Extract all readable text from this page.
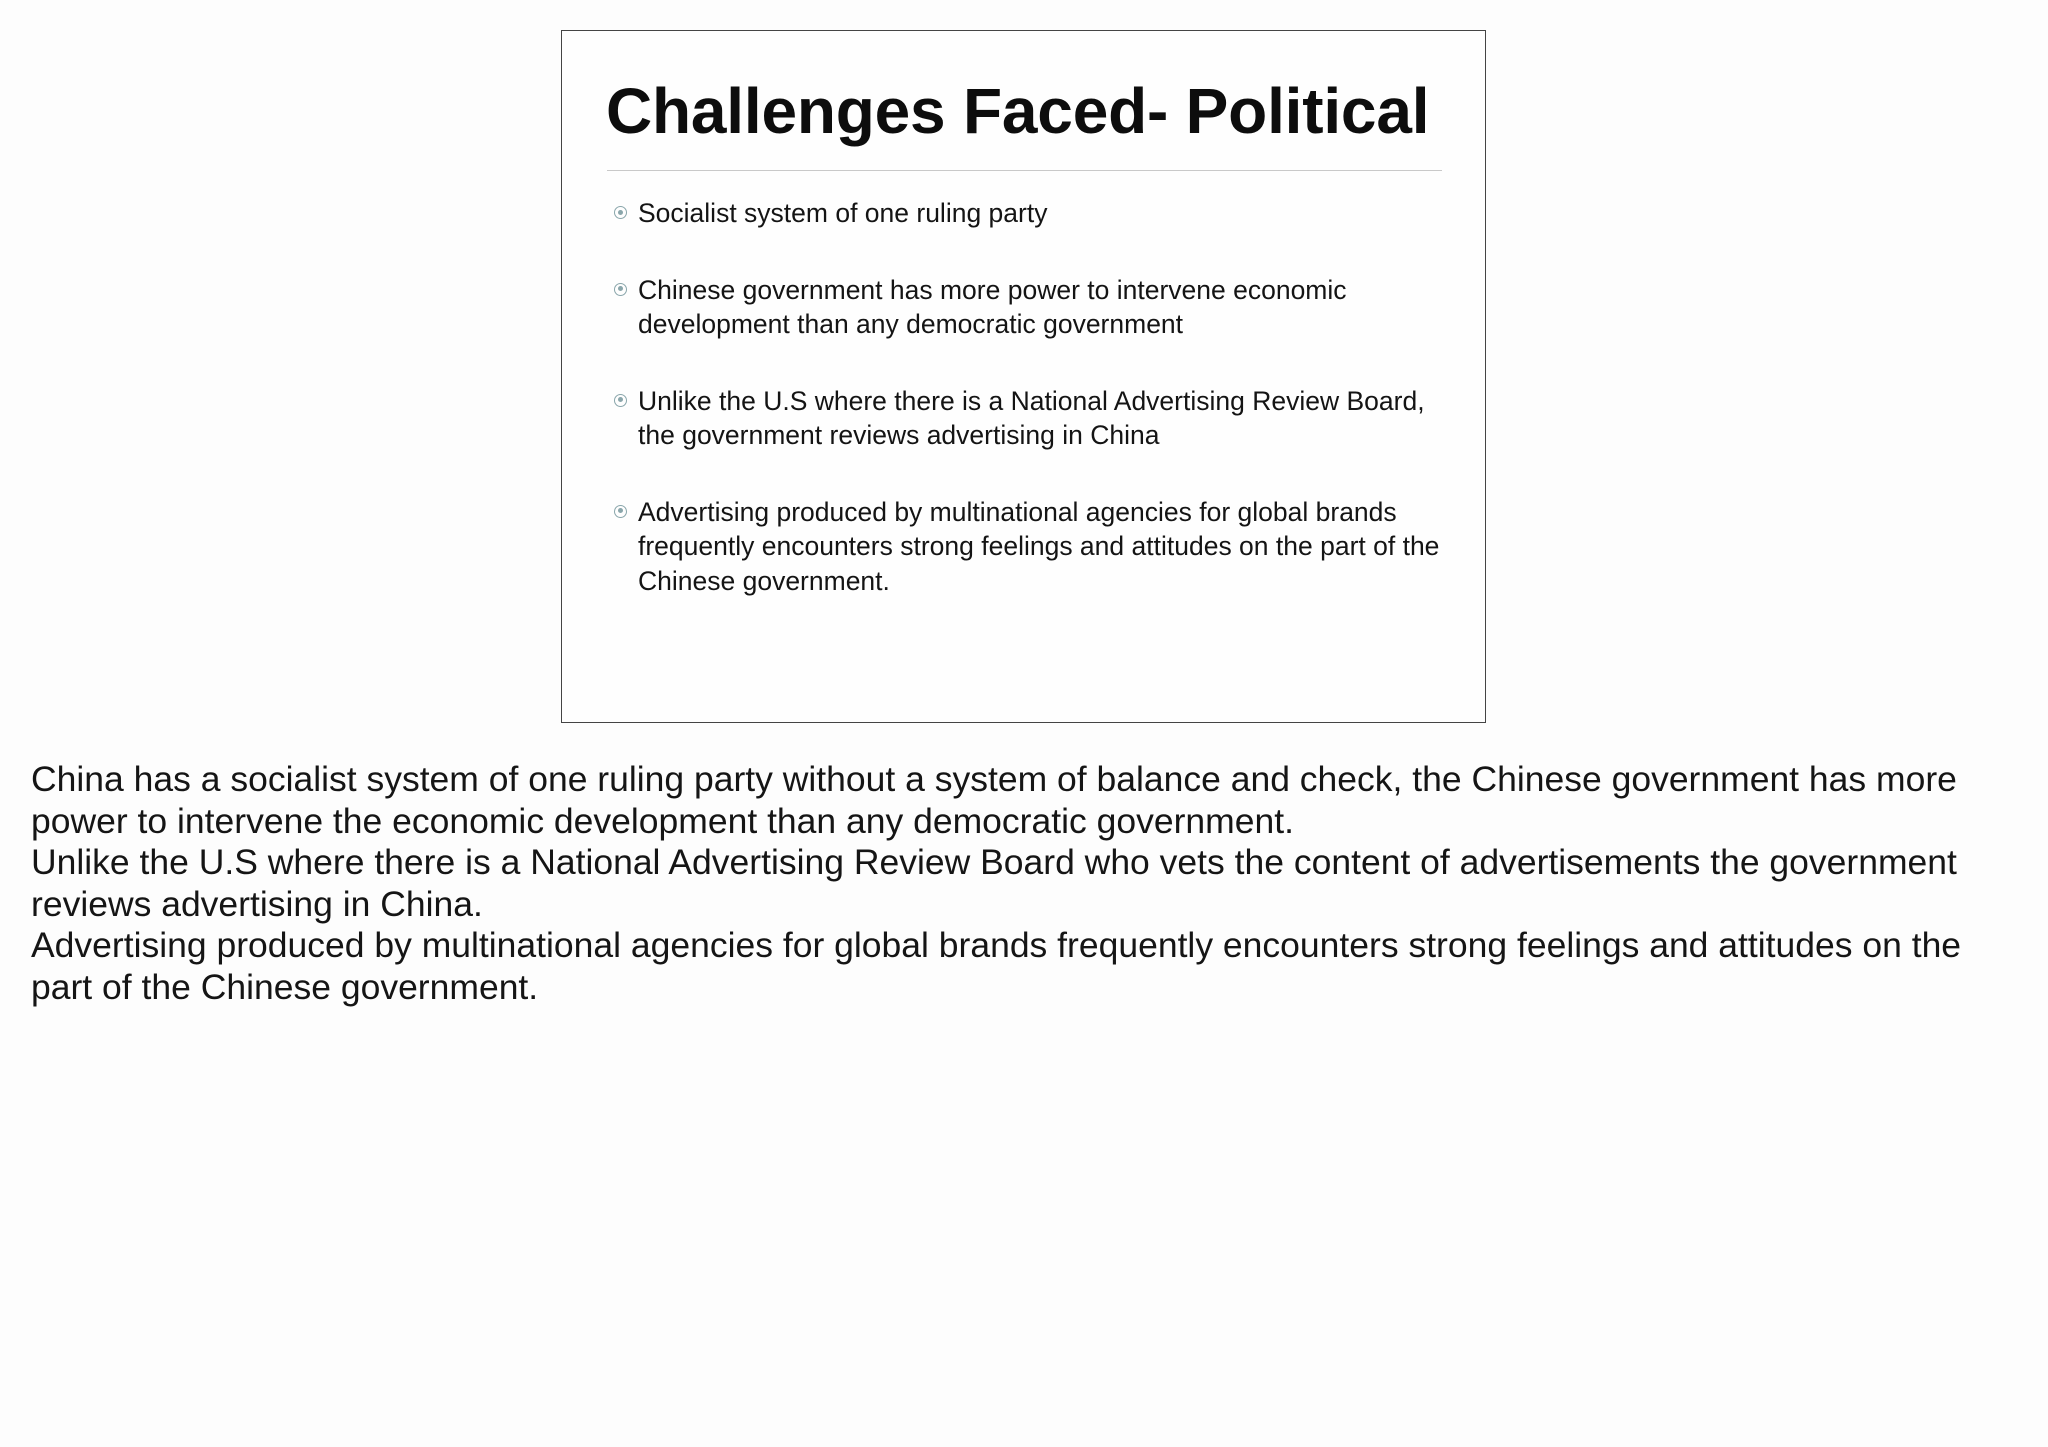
Challenges Faced- Political
Socialist system of one ruling party
Chinese government has more power to intervene economic development than any democratic government
Unlike the U.S where there is a National Advertising Review Board, the government reviews advertising in China
Advertising produced by multinational agencies for global brands frequently encounters strong feelings and attitudes on the part of the Chinese government.

China has a socialist system of one ruling party without a system of balance and check, the Chinese government has more power to intervene the economic development than any democratic government.

Unlike the U.S where there is a National Advertising Review Board who vets the content of advertisements the government reviews advertising in China.

Advertising produced by multinational agencies for global brands frequently encounters strong feelings and attitudes on the part of the Chinese government.
